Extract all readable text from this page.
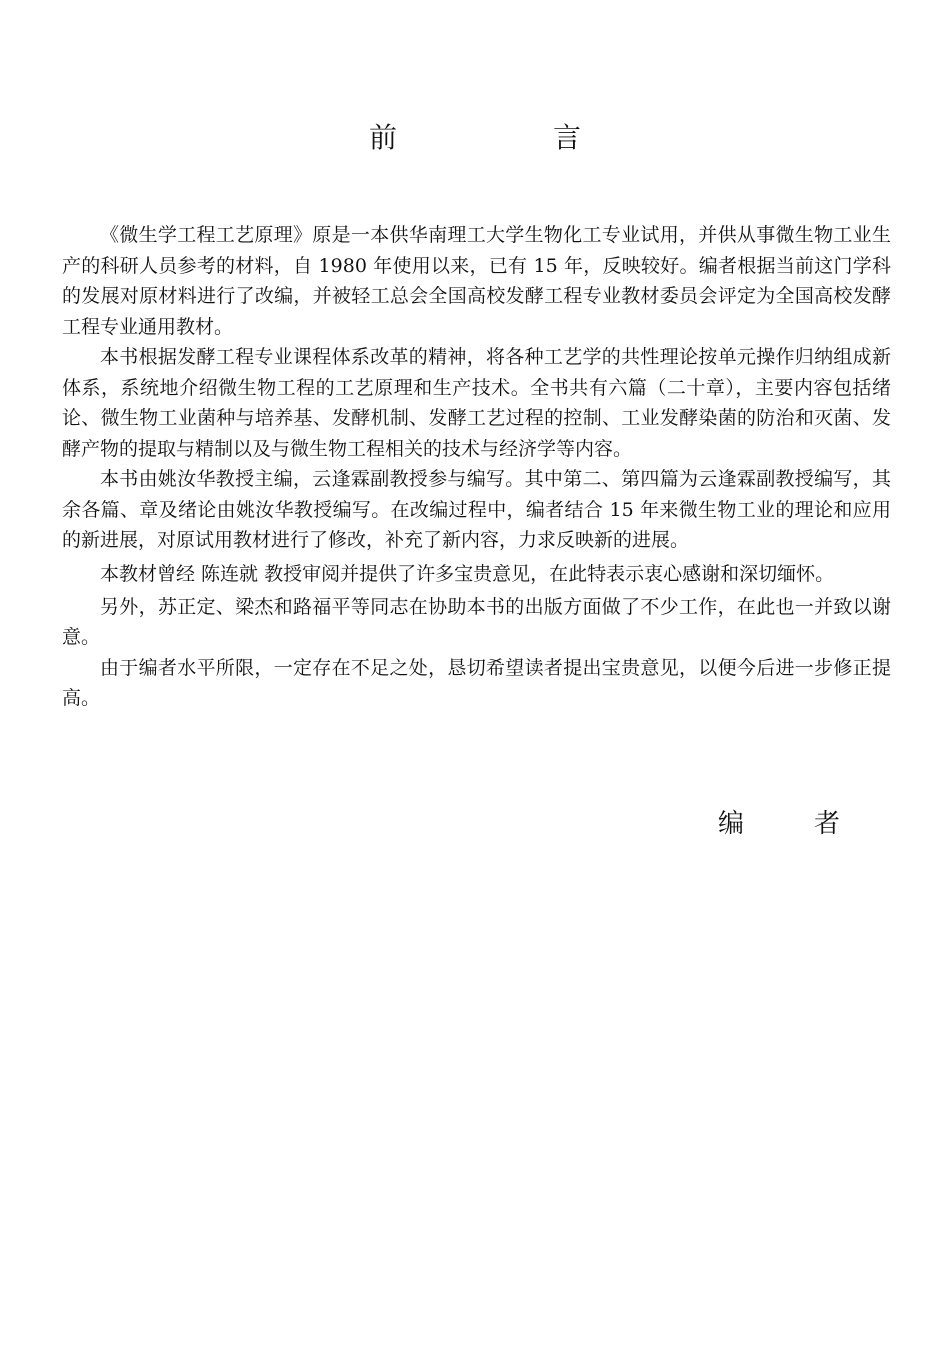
前　言

《微生学工程工艺原理》原是一本供华南理工大学生物化工专业试用，并供从事微生物工业生产的科研人员参考的材料，自 1980 年使用以来，已有 15 年，反映较好。编者根据当前这门学科的发展对原材料进行了改编，并被轻工总会全国高校发酵工程专业教材委员会评定为全国高校发酵工程专业通用教材。

本书根据发酵工程专业课程体系改革的精神，将各种工艺学的共性理论按单元操作归纳组成新体系，系统地介绍微生物工程的工艺原理和生产技术。全书共有六篇（二十章），主要内容包括绪论、微生物工业菌种与培养基、发酵机制、发酵工艺过程的控制、工业发酵染菌的防治和灭菌、发酵产物的提取与精制以及与微生物工程相关的技术与经济学等内容。

本书由姚汝华教授主编，云逢霖副教授参与编写。其中第二、第四篇为云逢霖副教授编写，其余各篇、章及绪论由姚汝华教授编写。在改编过程中，编者结合 15 年来微生物工业的理论和应用的新进展，对原试用教材进行了修改，补充了新内容，力求反映新的进展。

本教材曾经 陈连就 教授审阅并提供了许多宝贵意见，在此特表示衷心感谢和深切缅怀。

另外，苏正定、梁杰和路福平等同志在协助本书的出版方面做了不少工作，在此也一并致以谢意。

由于编者水平所限，一定存在不足之处，恳切希望读者提出宝贵意见，以便今后进一步修正提高。

编　者
